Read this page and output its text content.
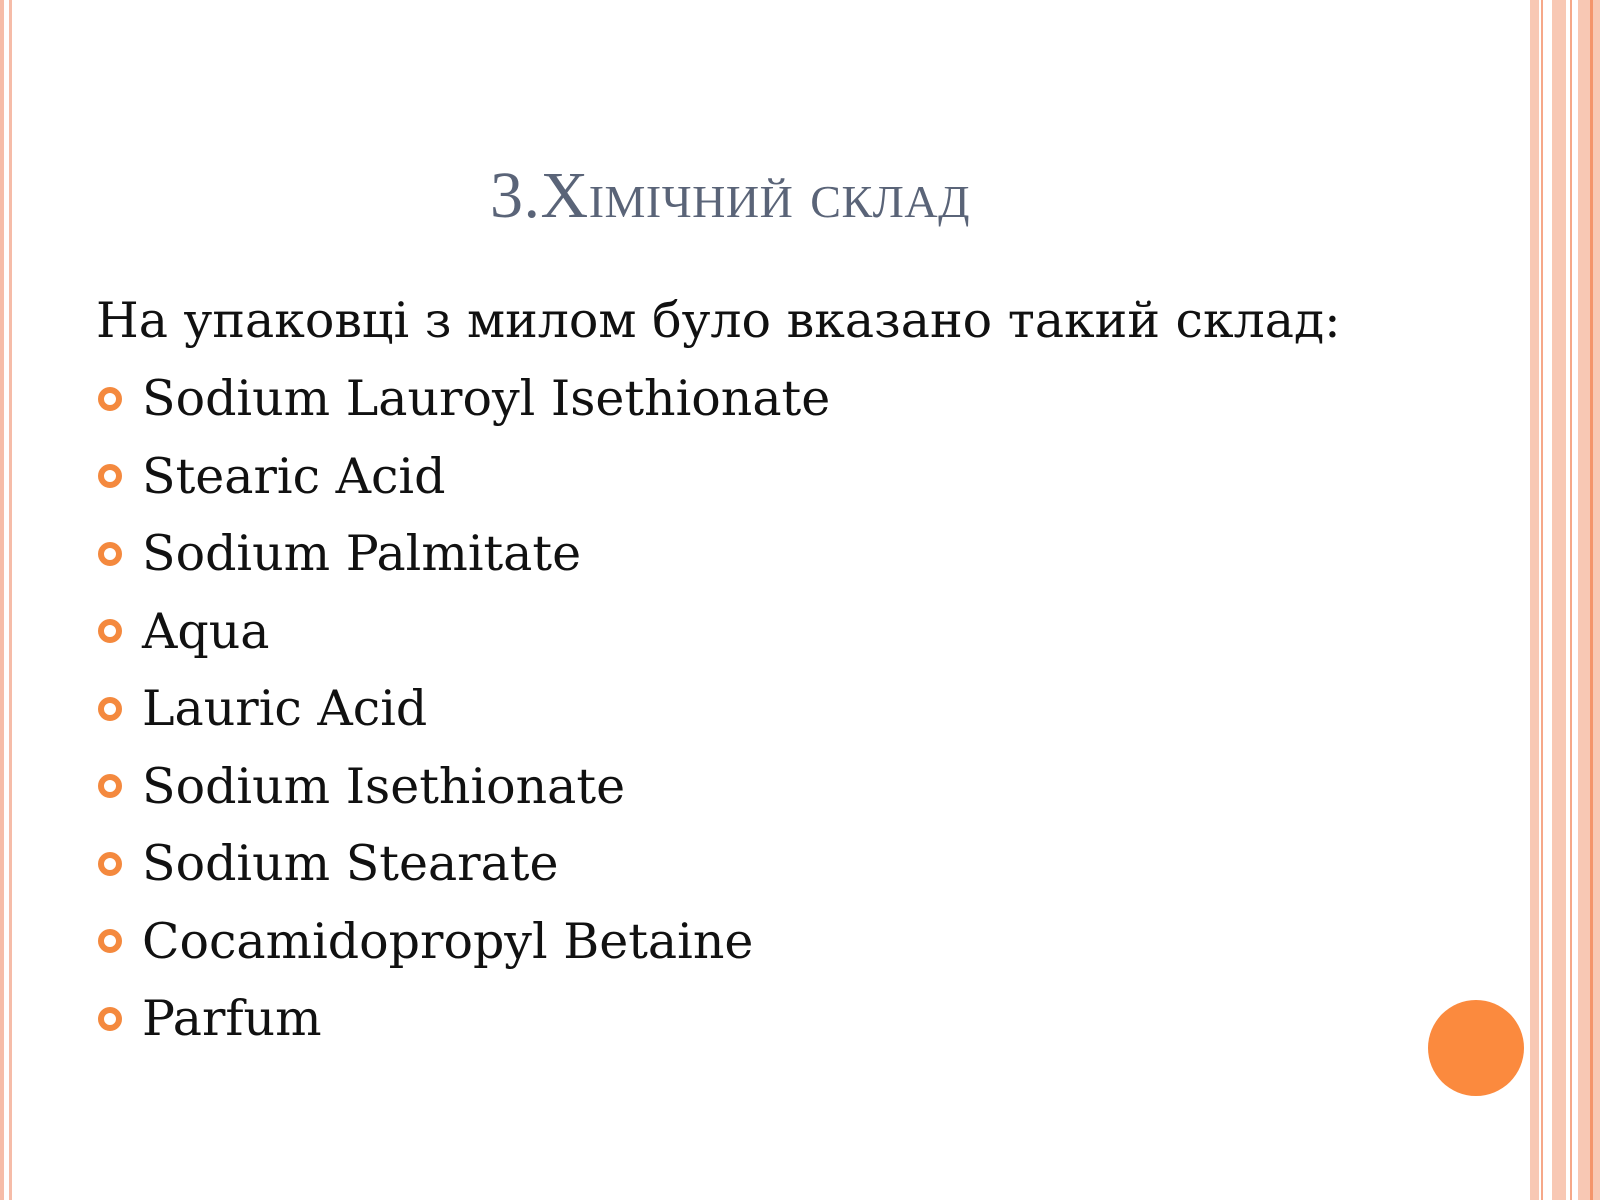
3.Хімічний склад

На упаковці з милом було вказано такий склад:

Sodium Lauroyl Isethionate
Stearic Acid
Sodium Palmitate
Aqua
Lauric Acid
Sodium Isethionate
Sodium Stearate
Cocamidopropyl Betaine
Parfum
